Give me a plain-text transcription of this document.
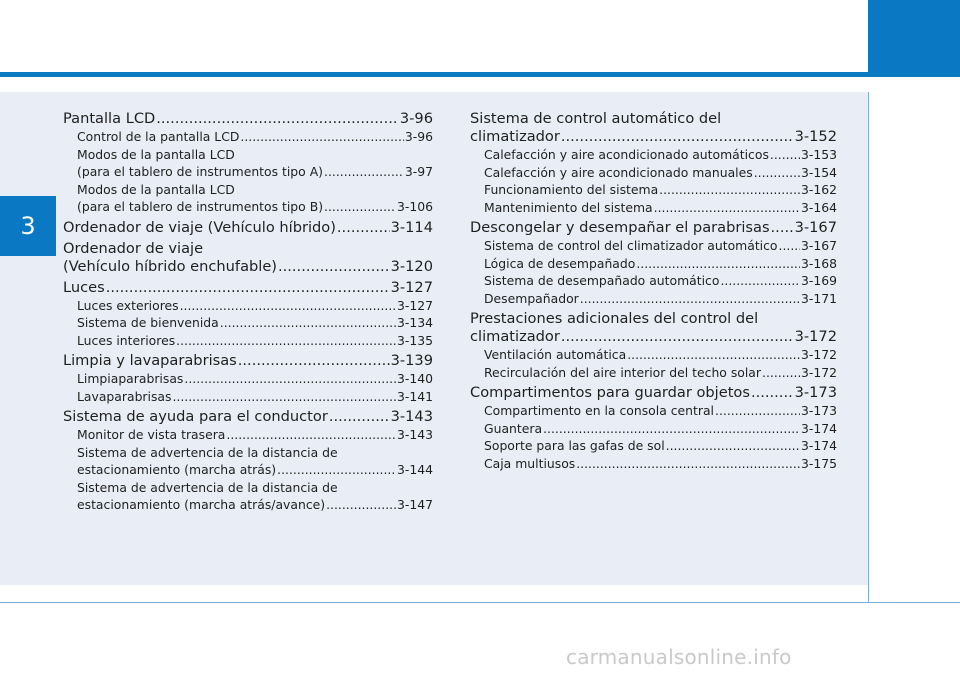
3
Pantalla LCD .....	3-96
Control de la pantalla LCD .....	3-96
Modos de la pantalla LCD
(para el tablero de instrumentos tipo A) .....	3-97
Modos de la pantalla LCD
(para el tablero de instrumentos tipo B) .....	3-106
Ordenador de viaje (Vehículo híbrido) .....	3-114
Ordenador de viaje
(Vehículo híbrido enchufable) .....	3-120
Luces .....	3-127
Luces exteriores .....	3-127
Sistema de bienvenida .....	3-134
Luces interiores .....	3-135
Limpia y lavaparabrisas .....	3-139
Limpiaparabrisas .....	3-140
Lavaparabrisas .....	3-141
Sistema de ayuda para el conductor .....	3-143
Monitor de vista trasera .....	3-143
Sistema de advertencia de la distancia de
estacionamiento (marcha atrás) .....	3-144
Sistema de advertencia de la distancia de
estacionamiento (marcha atrás/avance) .....	3-147
Sistema de control automático del
climatizador .....	3-152
Calefacción y aire acondicionado automáticos .....	3-153
Calefacción y aire acondicionado manuales .....	3-154
Funcionamiento del sistema .....	3-162
Mantenimiento del sistema .....	3-164
Descongelar y desempañar el parabrisas ..... 3-167
Sistema de control del climatizador automático ..... 3-167
Lógica de desempañado .....	3-168
Sistema de desempañado automático .....	3-169
Desempañador .....	3-171
Prestaciones adicionales del control del
climatizador .....	3-172
Ventilación automática .....	3-172
Recirculación del aire interior del techo solar .....	3-172
Compartimentos para guardar objetos .....	3-173
Compartimento en la consola central .....	3-173
Guantera .....	3-174
Soporte para las gafas de sol .....	3-174
Caja multiusos .....	3-175
carmanualsonline.info
